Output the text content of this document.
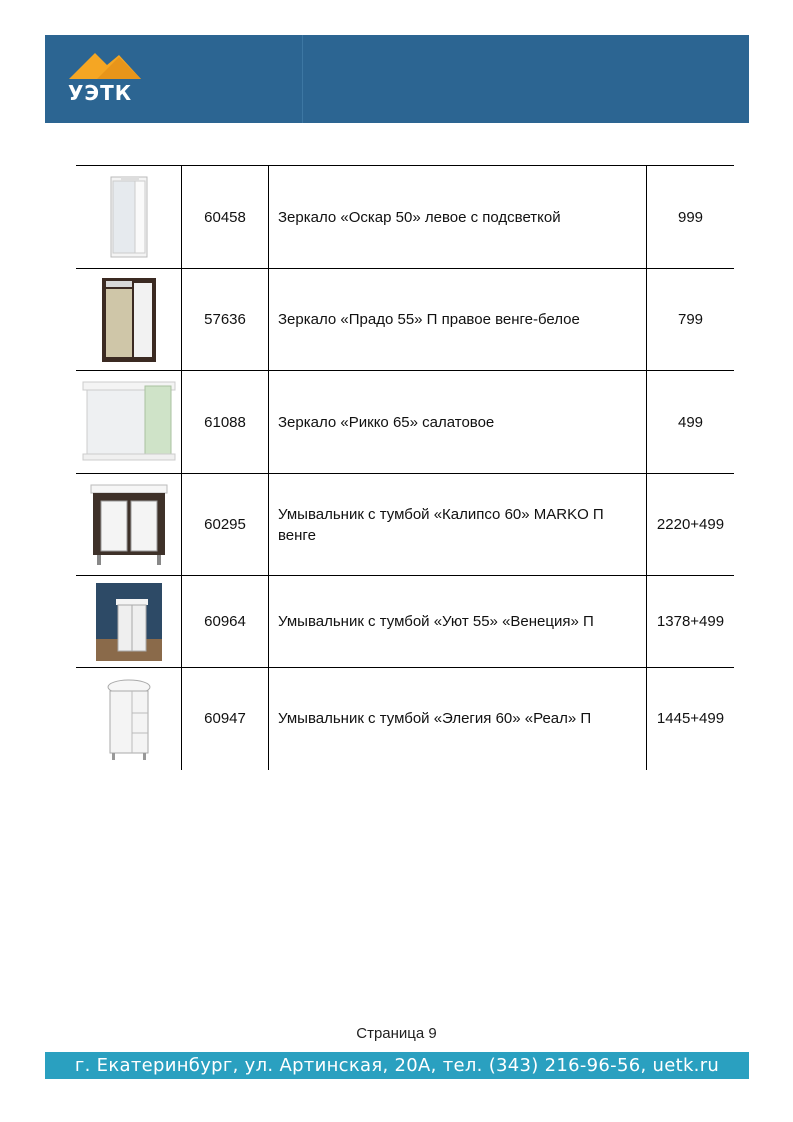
УЭТК
	60458	Зеркало «Оскар 50» левое с подсветкой	999

	57636	Зеркало «Прадо 55» П правое венге-белое	799

	61088	Зеркало «Рикко 65» салатовое	499

	60295	Умывальник с тумбой «Калипсо 60» MARKO П венге	2220+499

	60964	Умывальник с тумбой «Уют 55» «Венеция» П	1378+499

	60947	Умывальник с тумбой «Элегия 60» «Реал» П	1445+499
Страница 9
г. Екатеринбург, ул. Артинская, 20А, тел. (343) 216-96-56, uetk.ru
